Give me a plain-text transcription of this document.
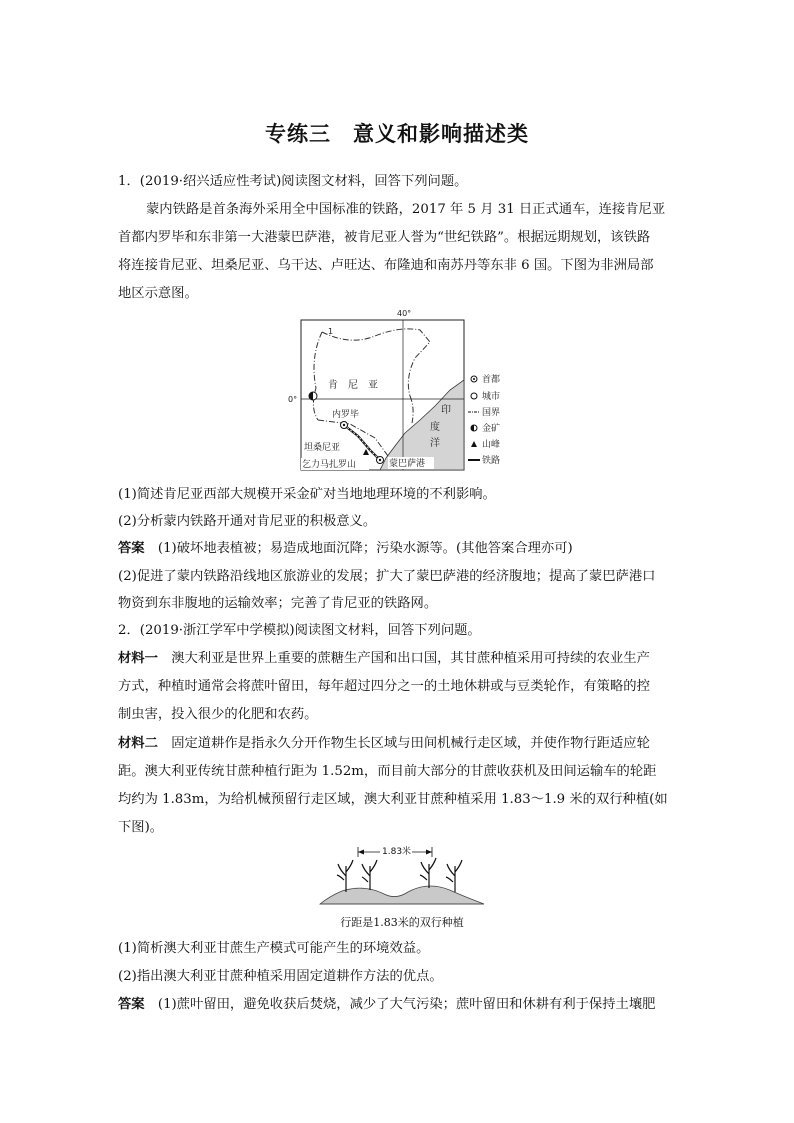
专练三　意义和影响描述类
1．(2019·绍兴适应性考试)阅读图文材料，回答下列问题。
蒙内铁路是首条海外采用全中国标准的铁路，2017 年 5 月 31 日正式通车，连接肯尼亚
首都内罗毕和东非第一大港蒙巴萨港，被肯尼亚人誉为“世纪铁路”。根据远期规划，该铁路
将连接肯尼亚、坦桑尼亚、乌干达、卢旺达、布隆迪和南苏丹等东非 6 国。下图为非洲局部
地区示意图。
1
40°
0°
肯　尼　亚
内罗毕
坦桑尼亚
乞力马扎罗山	蒙巴萨港
印
度
洋
首都
城市
国界
金矿
山峰
铁路
(1)简述肯尼亚西部大规模开采金矿对当地地理环境的不利影响。
(2)分析蒙内铁路开通对肯尼亚的积极意义。
答案　 (1)破坏地表植被；易造成地面沉降；污染水源等。(其他答案合理亦可)
(2)促进了蒙内铁路沿线地区旅游业的发展；扩大了蒙巴萨港的经济腹地；提高了蒙巴萨港口
物资到东非腹地的运输效率；完善了肯尼亚的铁路网。
2．(2019·浙江学军中学模拟)阅读图文材料，回答下列问题。
材料一　 澳大利亚是世界上重要的蔗糖生产国和出口国，其甘蔗种植采用可持续的农业生产
方式，种植时通常会将蔗叶留田，每年超过四分之一的土地休耕或与豆类轮作，有策略的控
制虫害，投入很少的化肥和农药。
材料二　 固定道耕作是指永久分开作物生长区域与田间机械行走区域，并使作物行距适应轮
距。澳大利亚传统甘蔗种植行距为 1.52m，而目前大部分的甘蔗收获机及田间运输车的轮距
均约为 1.83m，为给机械预留行走区域，澳大利亚甘蔗种植采用 1.83～1.9 米的双行种植(如
下图)。
1.83米
行距是1.83米的双行种植
(1)简析澳大利亚甘蔗生产模式可能产生的环境效益。
(2)指出澳大利亚甘蔗种植采用固定道耕作方法的优点。
答案　 (1)蔗叶留田，避免收获后焚烧，减少了大气污染；蔗叶留田和休耕有利于保持土壤肥
